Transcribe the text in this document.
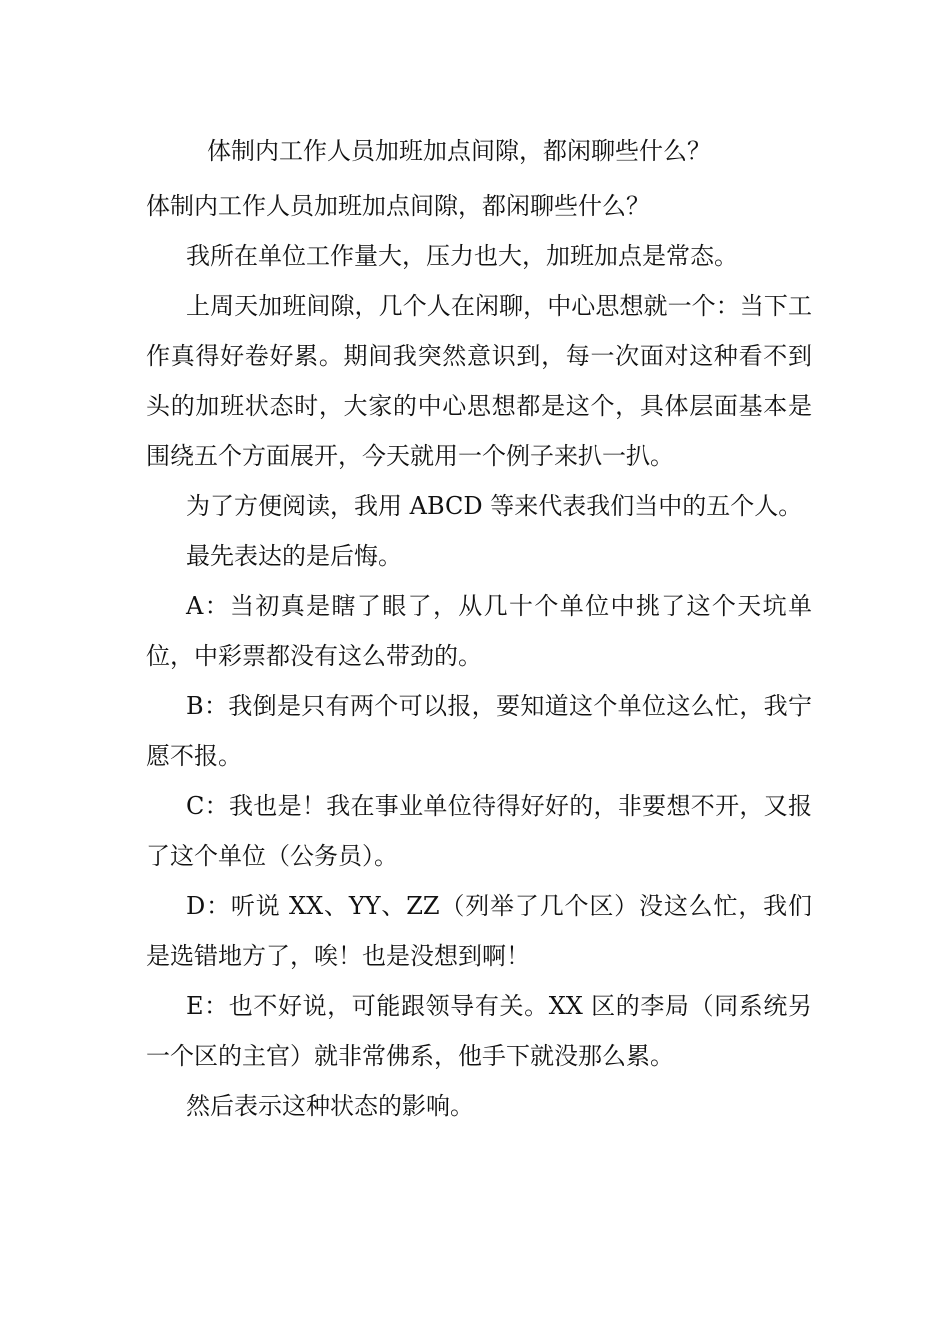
体制内工作人员加班加点间隙，都闲聊些什么？

体制内工作人员加班加点间隙，都闲聊些什么？

我所在单位工作量大，压力也大，加班加点是常态。

上周天加班间隙，几个人在闲聊，中心思想就一个：当下工作真得好卷好累。期间我突然意识到，每一次面对这种看不到头的加班状态时，大家的中心思想都是这个，具体层面基本是围绕五个方面展开，今天就用一个例子来扒一扒。

为了方便阅读，我用 ABCD 等来代表我们当中的五个人。

最先表达的是后悔。

A：当初真是瞎了眼了，从几十个单位中挑了这个天坑单位，中彩票都没有这么带劲的。

B：我倒是只有两个可以报，要知道这个单位这么忙，我宁愿不报。

C：我也是！我在事业单位待得好好的，非要想不开，又报了这个单位（公务员）。

D：听说 XX、YY、ZZ（列举了几个区）没这么忙，我们是选错地方了，唉！也是没想到啊！

E：也不好说，可能跟领导有关。XX 区的李局（同系统另一个区的主官）就非常佛系，他手下就没那么累。

然后表示这种状态的影响。
